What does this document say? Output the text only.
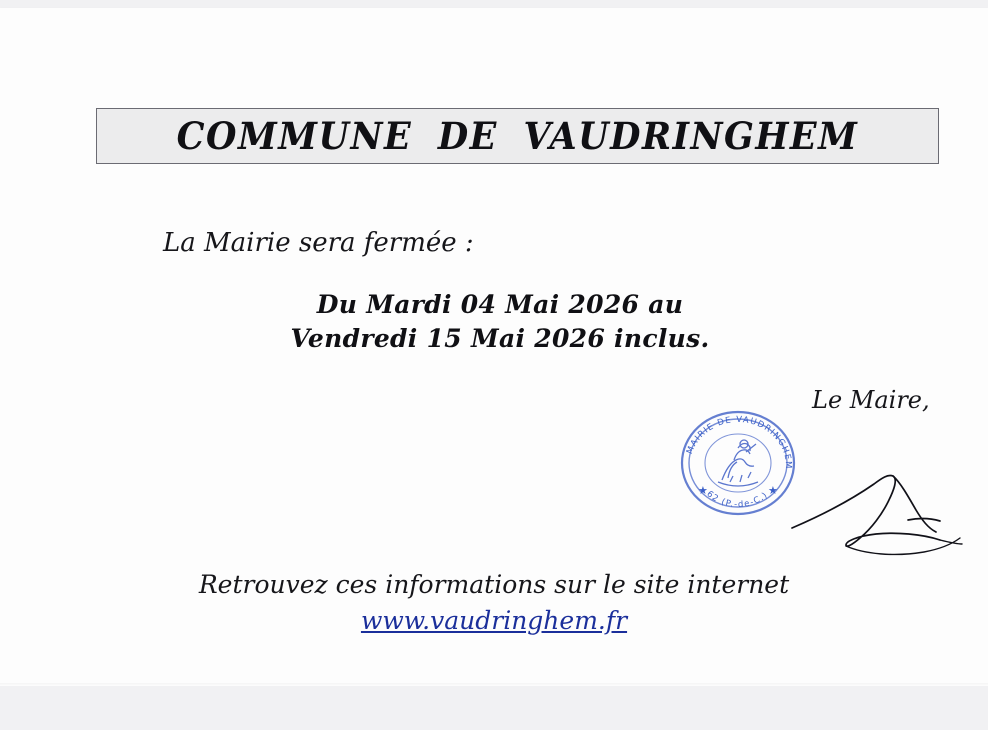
COMMUNE DE VAUDRINGHEM
La Mairie sera fermée :
Du Mardi 04 Mai 2026 au
Vendredi 15 Mai 2026 inclus.
Le Maire,
MAIRIE DE VAUDRINGHEM
62 (P.-de-C.)
★	★
Retrouvez ces informations sur le site internet
www.vaudringhem.fr
